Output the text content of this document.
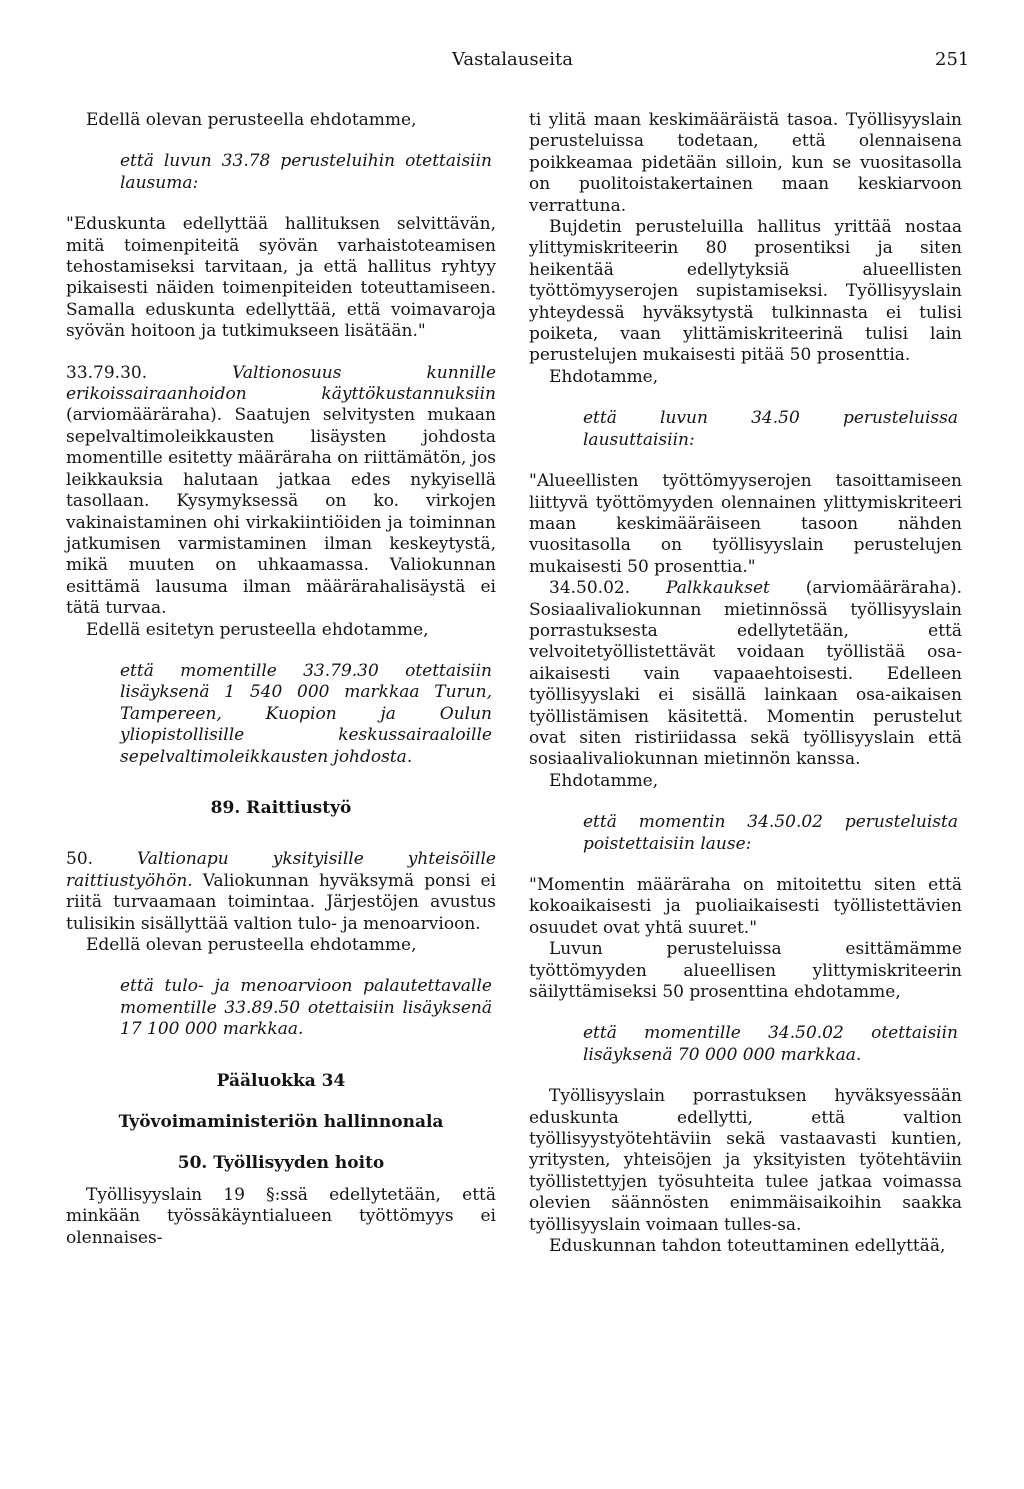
Vastalauseita	251

Edellä olevan perusteella ehdotamme,

että luvun 33.78 perusteluihin otettaisiin lausuma:

"Eduskunta edellyttää hallituksen selvittävän, mitä toimenpiteitä syövän varhaistoteamisen tehostamiseksi tarvitaan, ja että hallitus ryhtyy pikaisesti näiden toimenpiteiden toteuttamiseen. Samalla eduskunta edellyttää, että voimavaroja syövän hoitoon ja tutkimukseen lisätään."

33.79.30.	Valtionosuus kunnille erikoissairaanhoidon käyttökustannuksiin (arviomääräraha). Saatujen selvitysten mukaan sepelvaltimoleikkausten lisäysten johdosta momentille esitetty määräraha on riittämätön, jos leikkauksia halutaan jatkaa edes nykyisellä tasollaan. Kysymyksessä on ko. virkojen vakinaistaminen ohi virkakiintiöiden ja toiminnan jatkumisen varmistaminen ilman keskeytystä, mikä muuten on uhkaamassa. Valiokunnan esittämä lausuma ilman määrärahalisäystä ei tätä turvaa.

Edellä esitetyn perusteella ehdotamme,

että momentille 33.79.30 otettaisiin lisäyksenä 1 540 000 markkaa Turun, Tampereen, Kuopion ja Oulun yliopistollisille keskussairaaloille sepelvaltimoleikkausten johdosta.

89. Raittiustyö

50.	Valtionapu yksityisille yhteisöille raittiustyöhön. Valiokunnan hyväksymä ponsi ei riitä turvaamaan toimintaa. Järjestöjen avustus tulisikin sisällyttää valtion tulo- ja menoarvioon.

Edellä olevan perusteella ehdotamme,

että tulo- ja menoarvioon palautettavalle momentille 33.89.50 otettaisiin lisäyksenä 17 100 000 markkaa.

Pääluokka 34

Työvoimaministeriön hallinnonala

50. Työllisyyden hoito

Työllisyyslain 19 §:ssä edellytetään, että minkään työssäkäyntialueen työttömyys ei olennaises-

ti ylitä maan keskimääräistä tasoa. Työllisyyslain perusteluissa todetaan, että olennaisena poikkeamaa pidetään silloin, kun se vuositasolla on puolitoistakertainen maan keskiarvoon verrattuna.

Bujdetin perusteluilla hallitus yrittää nostaa ylittymiskriteerin 80 prosentiksi ja siten heikentää edellytyksiä alueellisten työttömyyserojen supistamiseksi. Työllisyyslain yhteydessä hyväksytystä tulkinnasta ei tulisi poiketa, vaan ylittämiskriteerinä tulisi lain perustelujen mukaisesti pitää 50 prosenttia.

Ehdotamme,

että luvun 34.50 perusteluissa lausuttaisiin:

"Alueellisten työttömyyserojen tasoittamiseen liittyvä työttömyyden olennainen ylittymiskriteeri maan keskimääräiseen tasoon nähden vuositasolla on työllisyyslain perustelujen mukaisesti 50 prosenttia."

34.50.02. Palkkaukset (arviomääräraha). Sosiaalivaliokunnan mietinnössä työllisyyslain porrastuksesta edellytetään, että velvoitetyöllistettävät voidaan työllistää osa-aikaisesti vain vapaaehtoisesti. Edelleen työllisyyslaki ei sisällä lainkaan osa-aikaisen työllistämisen käsitettä. Momentin perustelut ovat siten ristiriidassa sekä työllisyyslain että sosiaalivaliokunnan mietinnön kanssa.

Ehdotamme,

että momentin 34.50.02 perusteluista poistettaisiin lause:

"Momentin määräraha on mitoitettu siten että kokoaikaisesti ja puoliaikaisesti työllistettävien osuudet ovat yhtä suuret."

Luvun perusteluissa esittämämme työttömyyden alueellisen ylittymiskriteerin säilyttämiseksi 50 prosenttina ehdotamme,

että momentille 34.50.02 otettaisiin lisäyksenä 70 000 000 markkaa.

Työllisyyslain porrastuksen hyväksyessään eduskunta edellytti, että valtion työllisyystyötehtäviin sekä vastaavasti kuntien, yritysten, yhteisöjen ja yksityisten työtehtäviin työllistettyjen työsuhteita tulee jatkaa voimassa olevien säännösten enimmäisaikoihin saakka työllisyyslain voimaan tulles-sa.

Eduskunnan tahdon toteuttaminen edellyttää,
